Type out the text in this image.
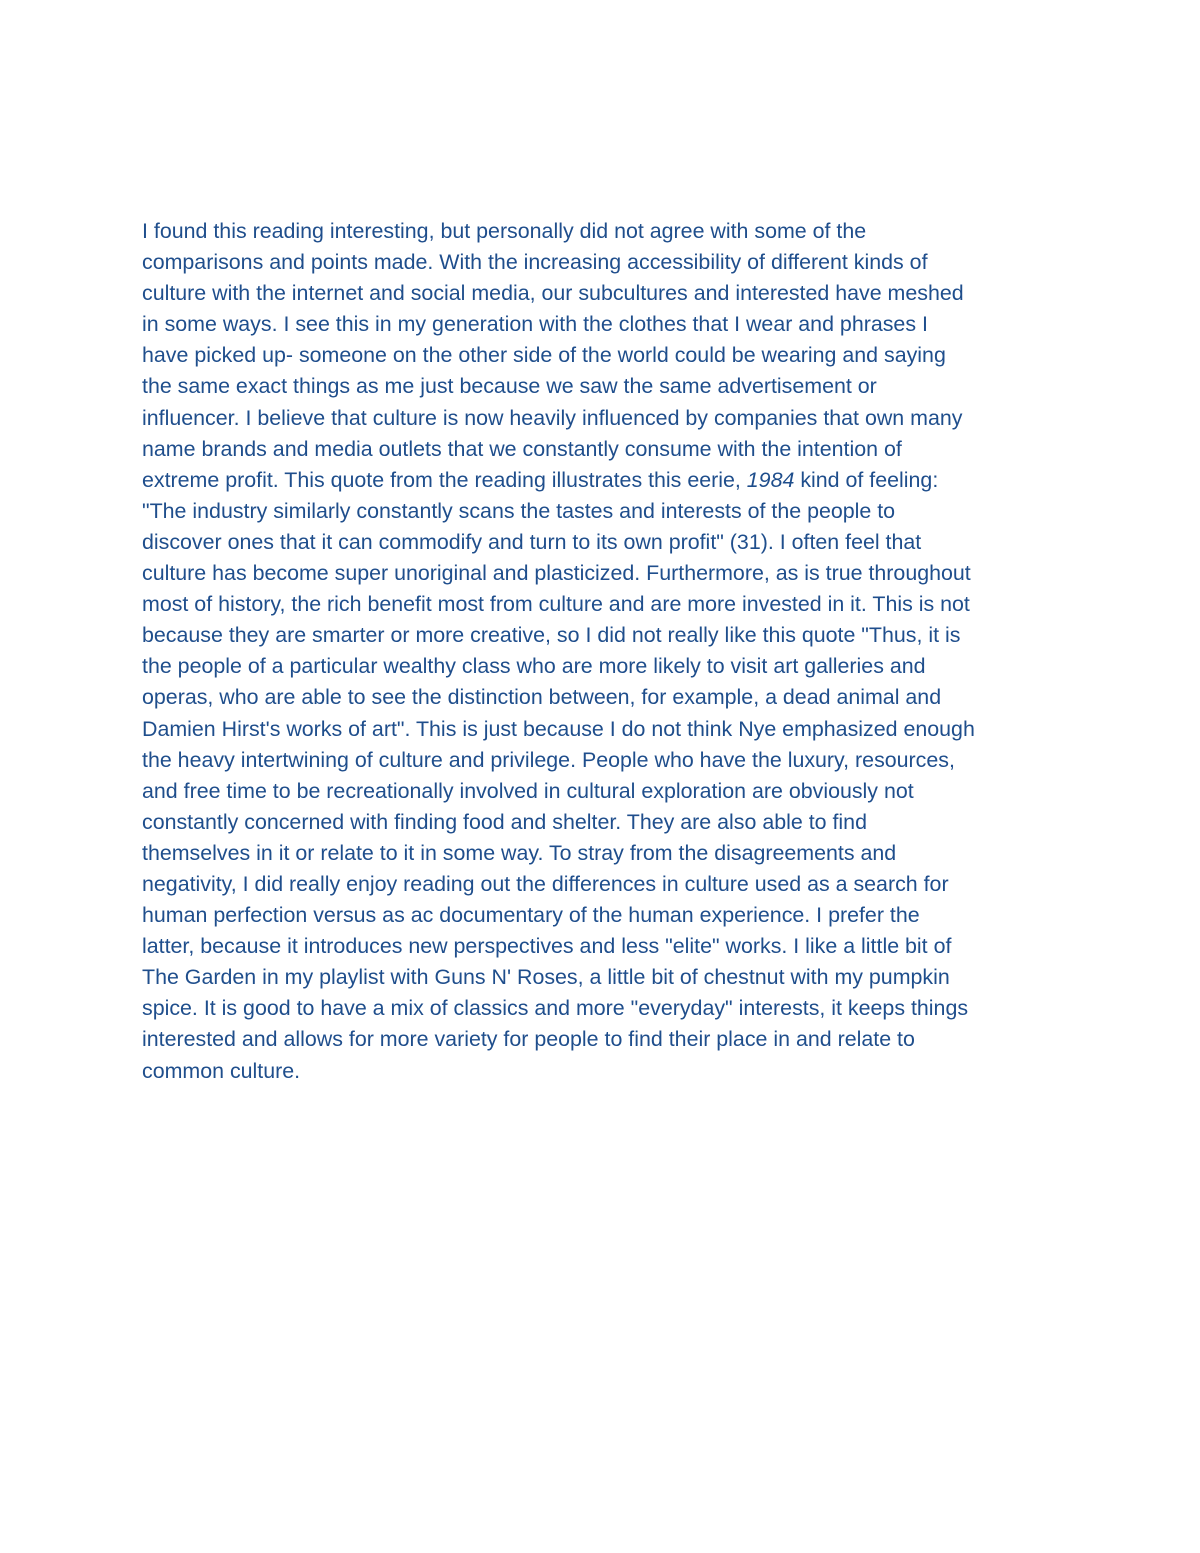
I found this reading interesting, but personally did not agree with some of the
comparisons and points made. With the increasing accessibility of different kinds of
culture with the internet and social media, our subcultures and interested have meshed
in some ways. I see this in my generation with the clothes that I wear and phrases I
have picked up- someone on the other side of the world could be wearing and saying
the same exact things as me just because we saw the same advertisement or
influencer. I believe that culture is now heavily influenced by companies that own many
name brands and media outlets that we constantly consume with the intention of
extreme profit. This quote from the reading illustrates this eerie, 1984 kind of feeling:
"The industry similarly constantly scans the tastes and interests of the people to
discover ones that it can commodify and turn to its own profit" (31). I often feel that
culture has become super unoriginal and plasticized. Furthermore, as is true throughout
most of history, the rich benefit most from culture and are more invested in it. This is not
because they are smarter or more creative, so I did not really like this quote "Thus, it is
the people of a particular wealthy class who are more likely to visit art galleries and
operas, who are able to see the distinction between, for example, a dead animal and
Damien Hirst's works of art". This is just because I do not think Nye emphasized enough
the heavy intertwining of culture and privilege. People who have the luxury, resources,
and free time to be recreationally involved in cultural exploration are obviously not
constantly concerned with finding food and shelter. They are also able to find
themselves in it or relate to it in some way. To stray from the disagreements and
negativity, I did really enjoy reading out the differences in culture used as a search for
human perfection versus as ac documentary of the human experience. I prefer the
latter, because it introduces new perspectives and less "elite" works. I like a little bit of
The Garden in my playlist with Guns N' Roses, a little bit of chestnut with my pumpkin
spice. It is good to have a mix of classics and more "everyday" interests, it keeps things
interested and allows for more variety for people to find their place in and relate to
common culture.
